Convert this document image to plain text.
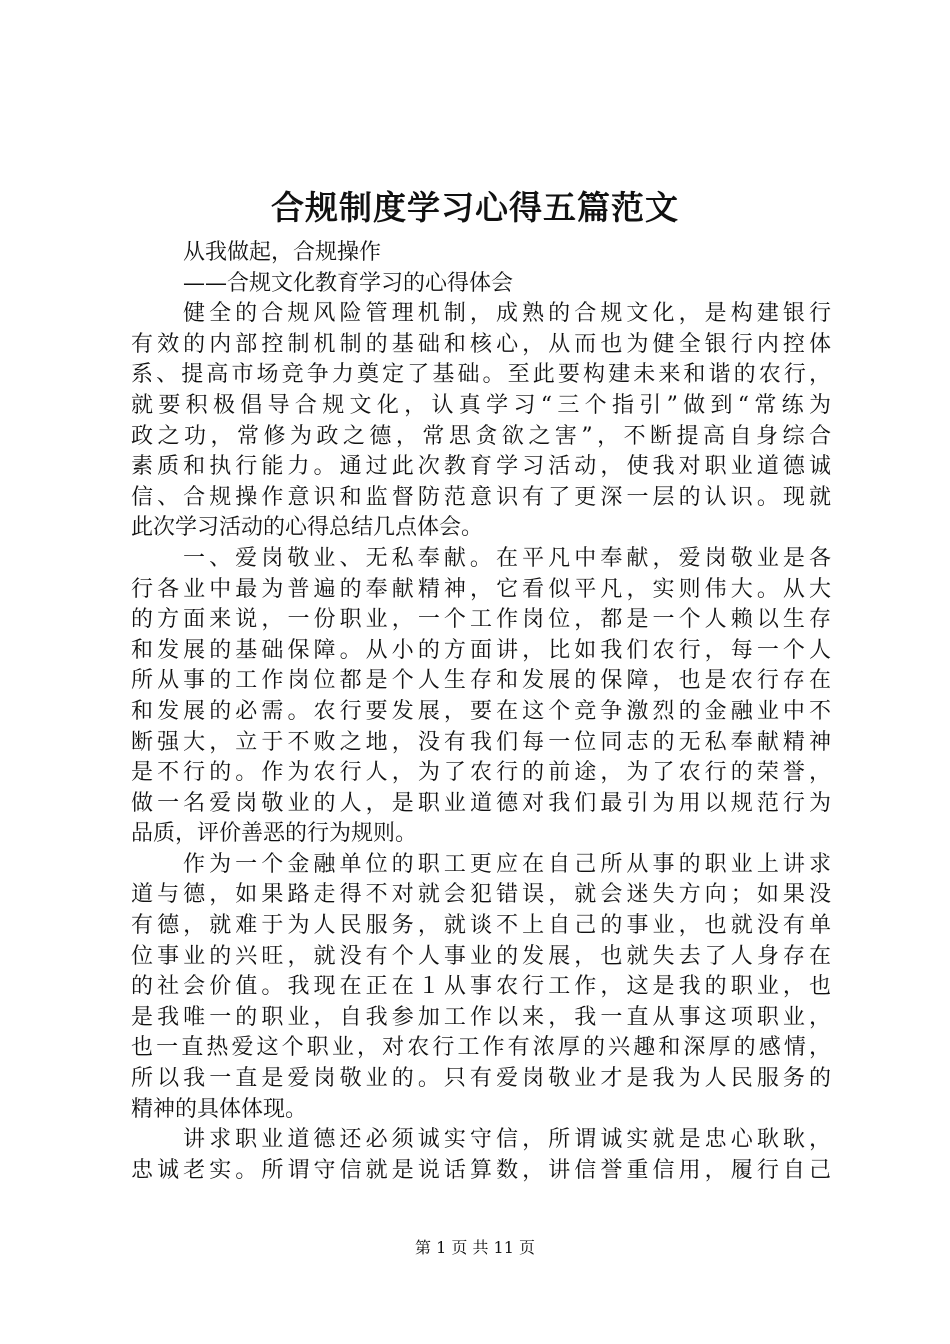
合规制度学习心得五篇范文
从我做起，合规操作
——合规文化教育学习的心得体会
健全的合规风险管理机制，成熟的合规文化，是构建银行
有效的内部控制机制的基础和核心，从而也为健全银行内控体
系、提高市场竞争力奠定了基础。至此要构建未来和谐的农行，
就要积极倡导合规文化，认真学习“三个指引”做到“常练为
政之功，常修为政之德，常思贪欲之害”，不断提高自身综合
素质和执行能力。通过此次教育学习活动，使我对职业道德诚
信、合规操作意识和监督防范意识有了更深一层的认识。现就
此次学习活动的心得总结几点体会。
一、爱岗敬业、无私奉献。在平凡中奉献，爱岗敬业是各
行各业中最为普遍的奉献精神，它看似平凡，实则伟大。从大
的方面来说，一份职业，一个工作岗位，都是一个人赖以生存
和发展的基础保障。从小的方面讲，比如我们农行，每一个人
所从事的工作岗位都是个人生存和发展的保障，也是农行存在
和发展的必需。农行要发展，要在这个竞争激烈的金融业中不
断强大，立于不败之地，没有我们每一位同志的无私奉献精神
是不行的。作为农行人，为了农行的前途，为了农行的荣誉，
做一名爱岗敬业的人，是职业道德对我们最引为用以规范行为
品质，评价善恶的行为规则。
作为一个金融单位的职工更应在自己所从事的职业上讲求
道与德，如果路走得不对就会犯错误，就会迷失方向；如果没
有德，就难于为人民服务，就谈不上自己的事业，也就没有单
位事业的兴旺，就没有个人事业的发展，也就失去了人身存在
的社会价值。我现在正在１从事农行工作，这是我的职业，也
是我唯一的职业，自我参加工作以来，我一直从事这项职业，
也一直热爱这个职业，对农行工作有浓厚的兴趣和深厚的感情，
所以我一直是爱岗敬业的。只有爱岗敬业才是我为人民服务的
精神的具体体现。
讲求职业道德还必须诚实守信，所谓诚实就是忠心耿耿，
忠诚老实。所谓守信就是说话算数，讲信誉重信用，履行自己
第 1 页 共 11 页
